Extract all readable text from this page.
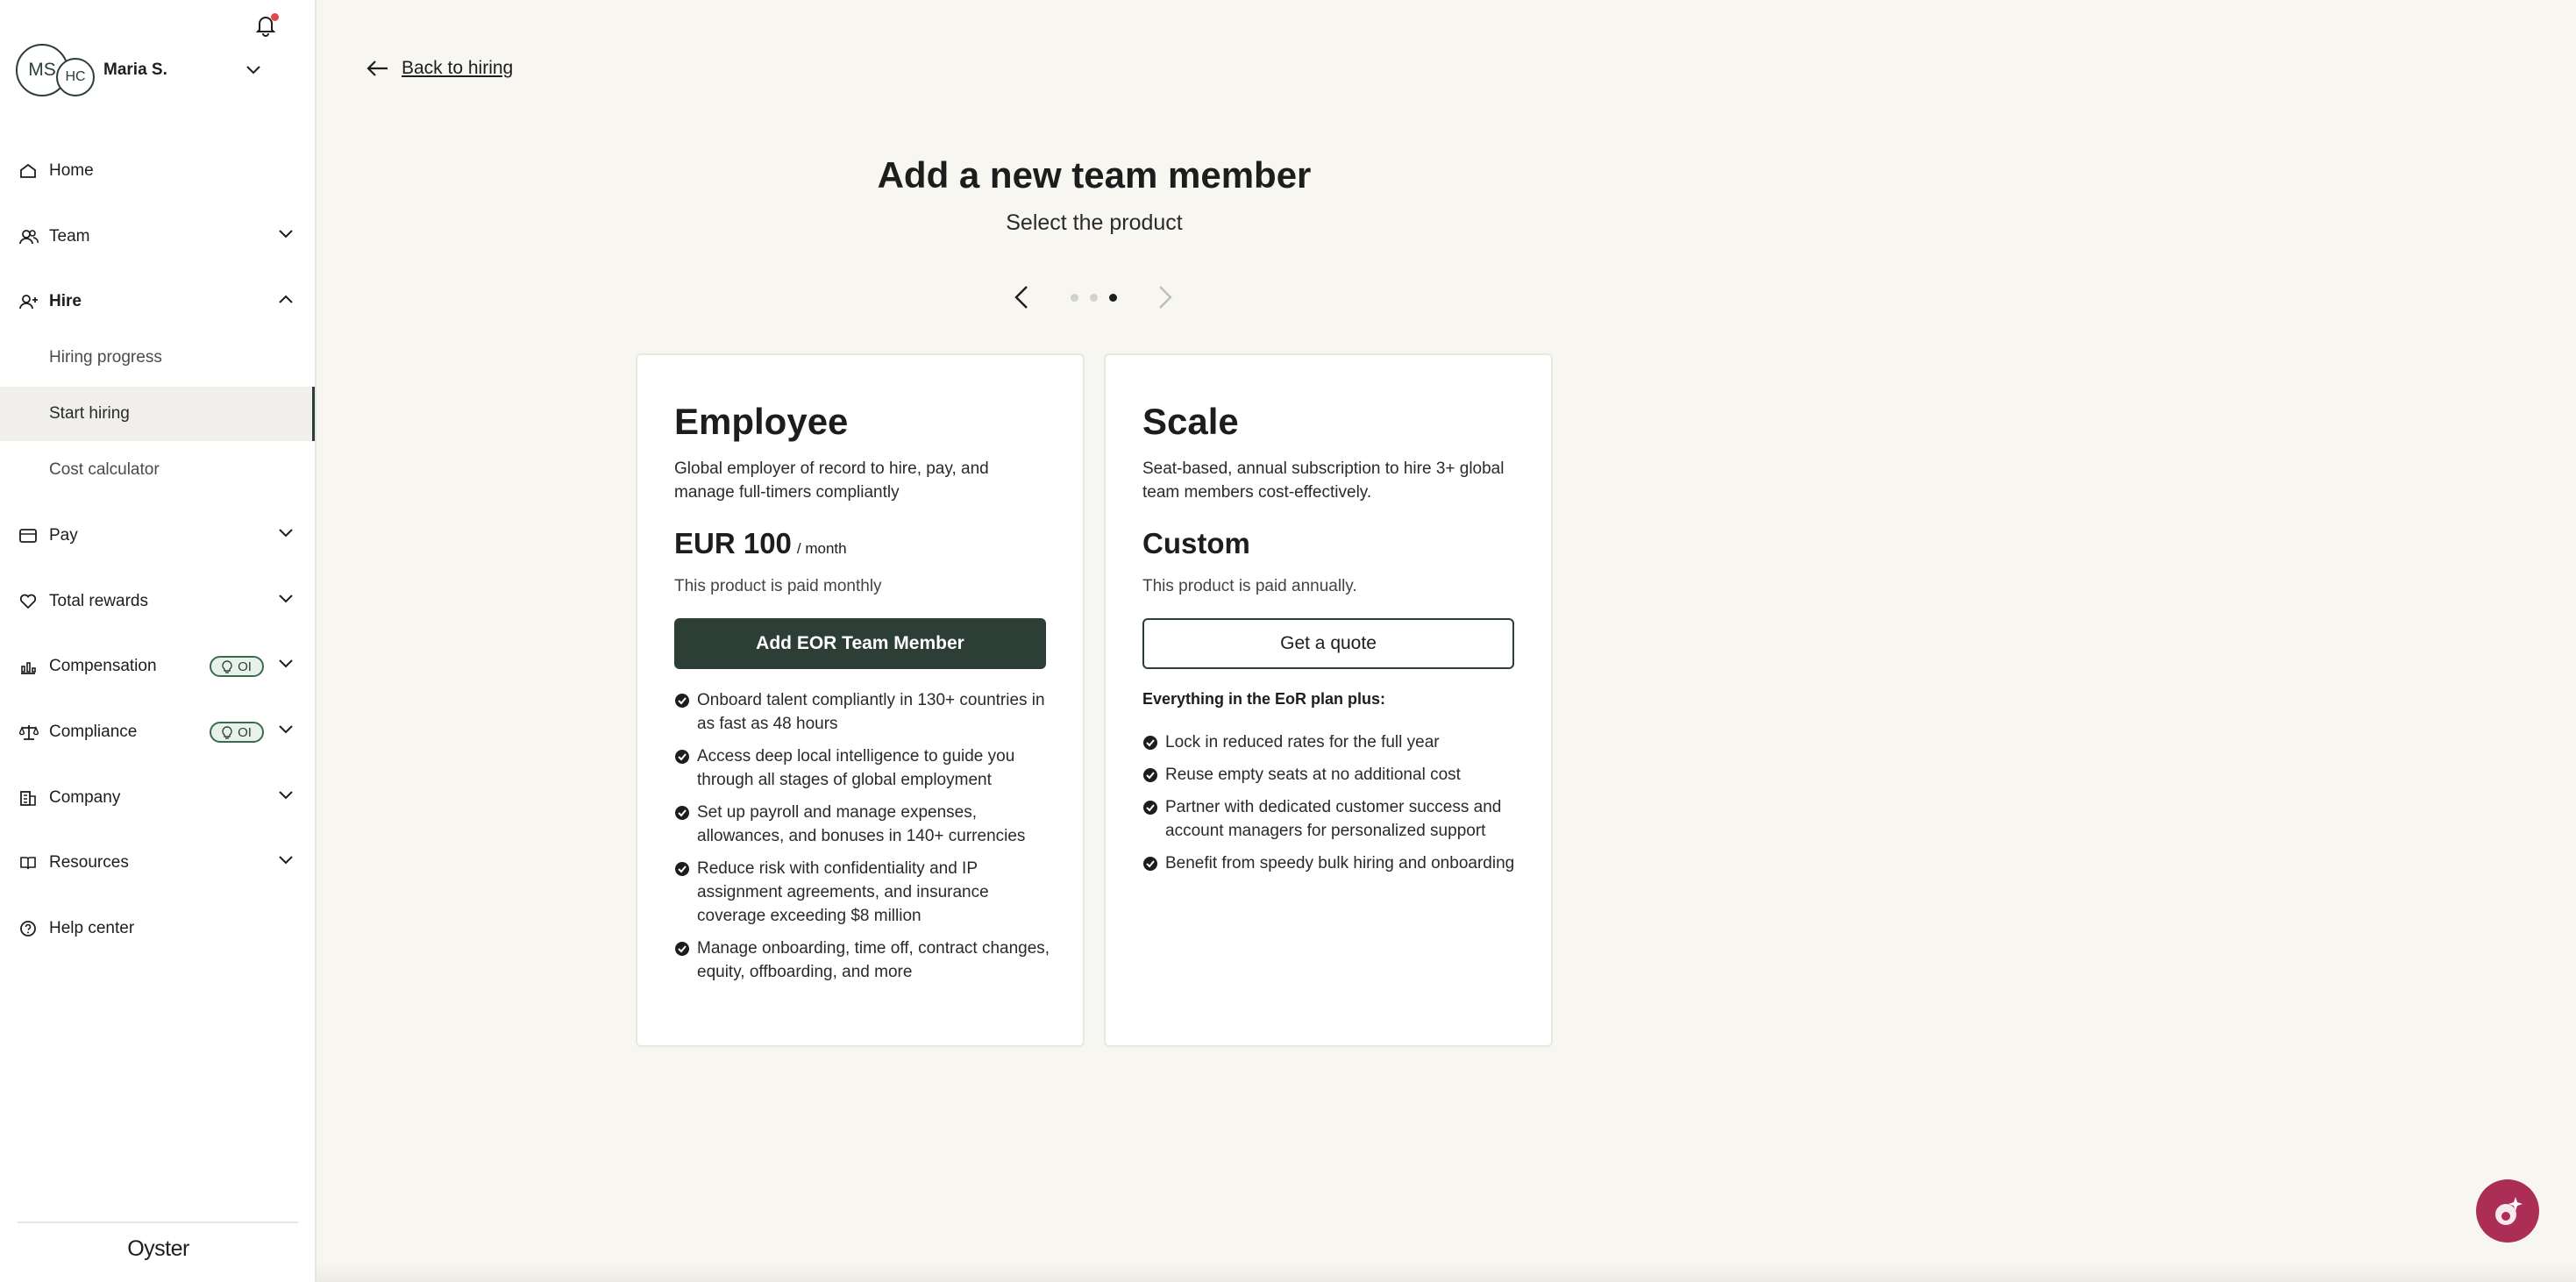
MS HC Maria S.
Home
Team
Hire
Hiring progress
Start hiring
Cost calculator
Pay
Total rewards
Compensation	OI
Compliance	OI
Company
Resources
Help center
Oyster
Back to hiring
Add a new team member
Select the product
Employee
Global employer of record to hire, pay, and manage full-timers compliantly
EUR 100 / month
This product is paid monthly
Add EOR Team Member
Onboard talent compliantly in 130+ countries in as fast as 48 hours
Access deep local intelligence to guide you through all stages of global employment
Set up payroll and manage expenses, allowances, and bonuses in 140+ currencies
Reduce risk with confidentiality and IP assignment agreements, and insurance coverage exceeding $8 million
Manage onboarding, time off, contract changes, equity, offboarding, and more
Scale
Seat-based, annual subscription to hire 3+ global team members cost-effectively.
Custom
This product is paid annually.
Get a quote
Everything in the EoR plan plus:
Lock in reduced rates for the full year
Reuse empty seats at no additional cost
Partner with dedicated customer success and account managers for personalized support
Benefit from speedy bulk hiring and onboarding
